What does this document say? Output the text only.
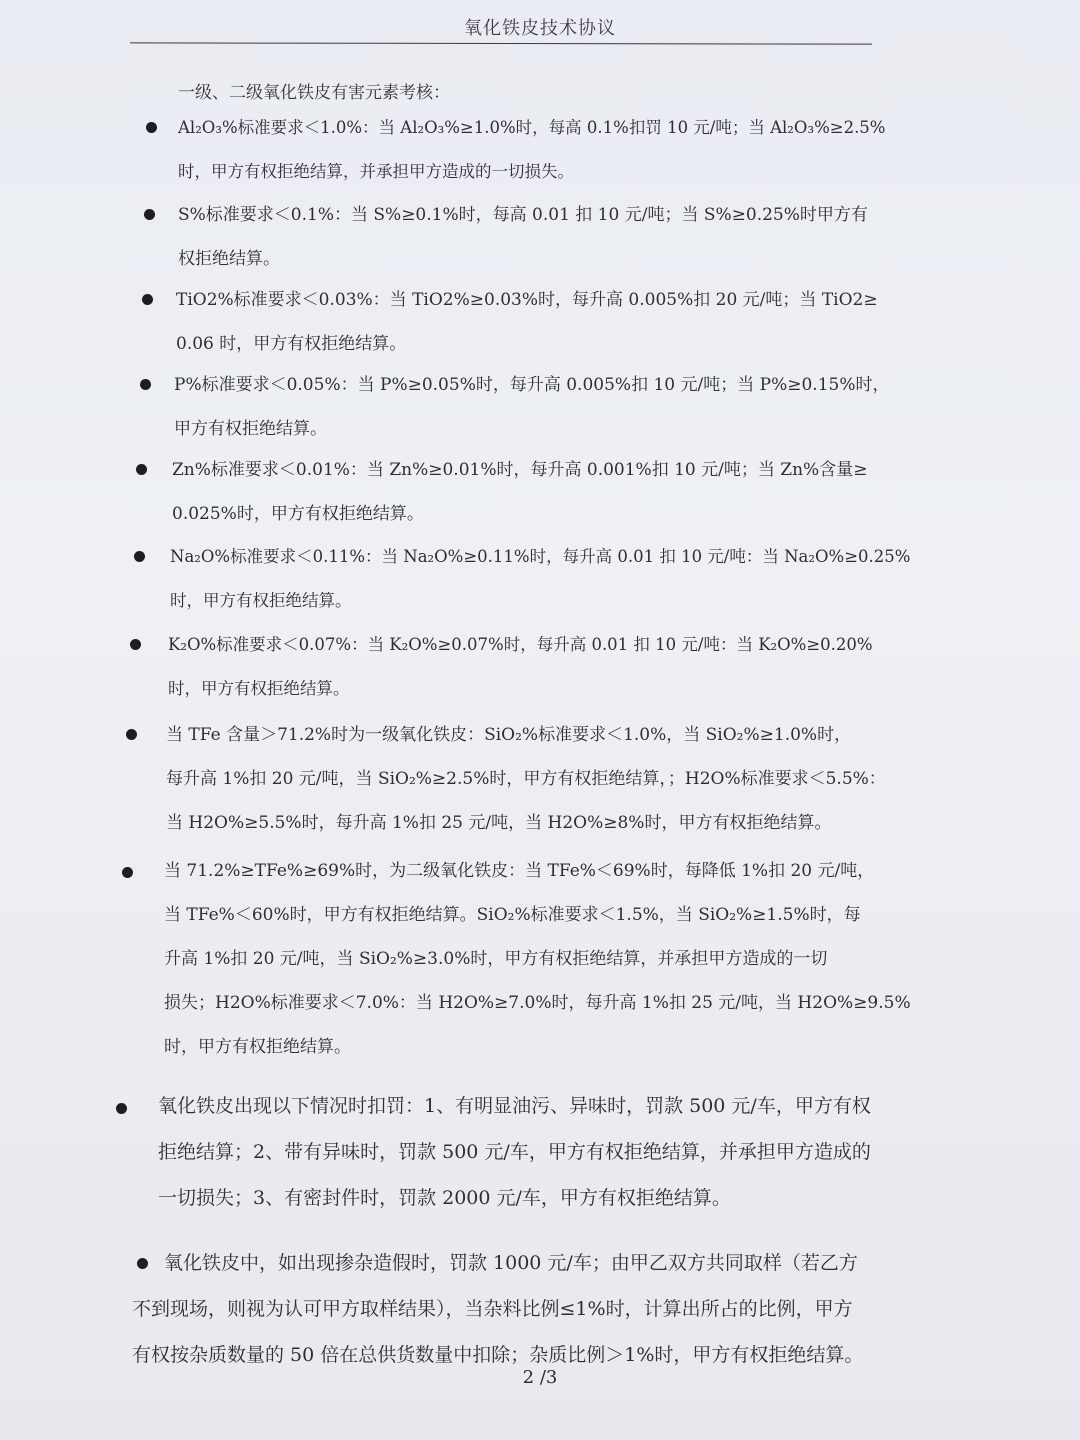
氧化铁皮技术协议
一级、二级氧化铁皮有害元素考核：

Al₂O₃%标准要求＜1.0%：当 Al₂O₃%≥1.0%时，每高 0.1%扣罚 10 元/吨；当 Al₂O₃%≥2.5%

时，甲方有权拒绝结算，并承担甲方造成的一切损失。

S%标准要求＜0.1%：当 S%≥0.1%时，每高 0.01 扣 10 元/吨；当 S%≥0.25%时甲方有

权拒绝结算。

TiO2%标准要求＜0.03%：当 TiO2%≥0.03%时，每升高 0.005%扣 20 元/吨；当 TiO2≥

0.06 时，甲方有权拒绝结算。

P%标准要求＜0.05%：当 P%≥0.05%时，每升高 0.005%扣 10 元/吨；当 P%≥0.15%时，

甲方有权拒绝结算。

Zn%标准要求＜0.01%：当 Zn%≥0.01%时，每升高 0.001%扣 10 元/吨；当 Zn%含量≥

0.025%时，甲方有权拒绝结算。

Na₂O%标准要求＜0.11%：当 Na₂O%≥0.11%时，每升高 0.01 扣 10 元/吨：当 Na₂O%≥0.25%

时，甲方有权拒绝结算。

K₂O%标准要求＜0.07%：当 K₂O%≥0.07%时，每升高 0.01 扣 10 元/吨：当 K₂O%≥0.20%

时，甲方有权拒绝结算。

当 TFe 含量＞71.2%时为一级氧化铁皮：SiO₂%标准要求＜1.0%，当 SiO₂%≥1.0%时，

每升高 1%扣 20 元/吨，当 SiO₂%≥2.5%时，甲方有权拒绝结算，；H2O%标准要求＜5.5%：

当 H2O%≥5.5%时，每升高 1%扣 25 元/吨，当 H2O%≥8%时，甲方有权拒绝结算。

当 71.2%≥TFe%≥69%时，为二级氧化铁皮：当 TFe%＜69%时，每降低 1%扣 20 元/吨，

当 TFe%＜60%时，甲方有权拒绝结算。SiO₂%标准要求＜1.5%，当 SiO₂%≥1.5%时，每

升高 1%扣 20 元/吨，当 SiO₂%≥3.0%时，甲方有权拒绝结算，并承担甲方造成的一切

损失；H2O%标准要求＜7.0%：当 H2O%≥7.0%时，每升高 1%扣 25 元/吨，当 H2O%≥9.5%

时，甲方有权拒绝结算。

氧化铁皮出现以下情况时扣罚：1、有明显油污、异味时，罚款 500 元/车，甲方有权

拒绝结算；2、带有异味时，罚款 500 元/车，甲方有权拒绝结算，并承担甲方造成的

一切损失；3、有密封件时，罚款 2000 元/车，甲方有权拒绝结算。

氧化铁皮中，如出现掺杂造假时，罚款 1000 元/车；由甲乙双方共同取样（若乙方

不到现场，则视为认可甲方取样结果），当杂料比例≤1%时，计算出所占的比例，甲方

有权按杂质数量的 50 倍在总供货数量中扣除；杂质比例＞1%时，甲方有权拒绝结算。

2 /3
